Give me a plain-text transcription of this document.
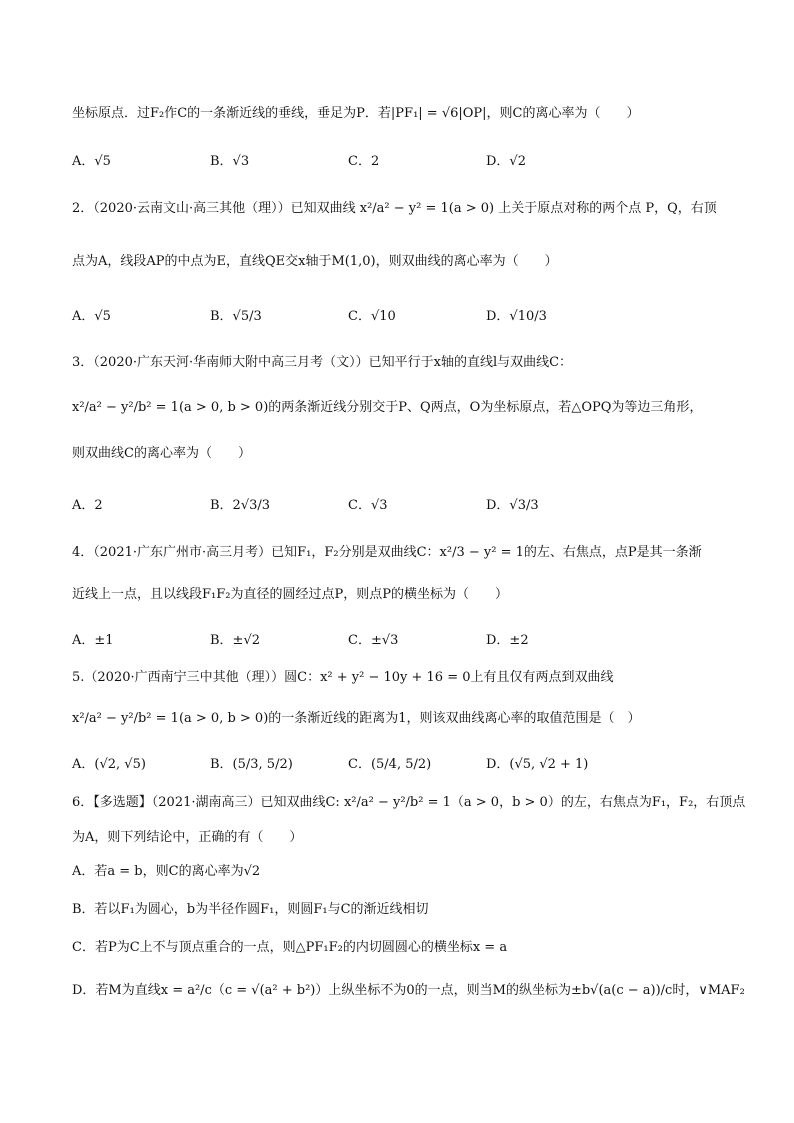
坐标原点．过F₂作C的一条渐近线的垂线，垂足为P．若|PF₁| = √6|OP|，则C的离心率为（　　）
A．√5	B．√3	C．2	D．√2
2．（2020·云南文山·高三其他（理））已知双曲线 x²/a² − y² = 1(a > 0) 上关于原点对称的两个点 P，Q，右顶
点为A，线段AP的中点为E，直线QE交x轴于M(1,0)，则双曲线的离心率为（　　）
A．√5	B．√5/3	C．√10	D．√10/3
3．（2020·广东天河·华南师大附中高三月考（文））已知平行于x轴的直线l与双曲线C：
x²/a² − y²/b² = 1(a > 0, b > 0)的两条渐近线分别交于P、Q两点，O为坐标原点，若△OPQ为等边三角形，
则双曲线C的离心率为（　　）
A．2	B．2√3/3	C．√3	D．√3/3
4．（2021·广东广州市·高三月考）已知F₁，F₂分别是双曲线C：x²/3 − y² = 1的左、右焦点，点P是其一条渐
近线上一点，且以线段F₁F₂为直径的圆经过点P，则点P的横坐标为（　　）
A．±1	B．±√2	C．±√3	D．±2
5.（2020·广西南宁三中其他（理））圆C：x² + y² − 10y + 16 = 0上有且仅有两点到双曲线
x²/a² − y²/b² = 1(a > 0, b > 0)的一条渐近线的距离为1，则该双曲线离心率的取值范围是（　）
A．(√2, √5)	B．(5/3, 5/2)	C．(5/4, 5/2)	D．(√5, √2 + 1)
6．【多选题】（2021·湖南高三）已知双曲线C: x²/a² − y²/b² = 1（a > 0，b > 0）的左，右焦点为F₁，F₂，右顶点
为A，则下列结论中，正确的有（　　）
A．若a = b，则C的离心率为√2
B．若以F₁为圆心，b为半径作圆F₁，则圆F₁与C的渐近线相切
C．若P为C上不与顶点重合的一点，则△PF₁F₂的内切圆圆心的横坐标x = a
D．若M为直线x = a²/c（c = √(a² + b²)）上纵坐标不为0的一点，则当M的纵坐标为±b√(a(c − a))/c时，∨MAF₂
